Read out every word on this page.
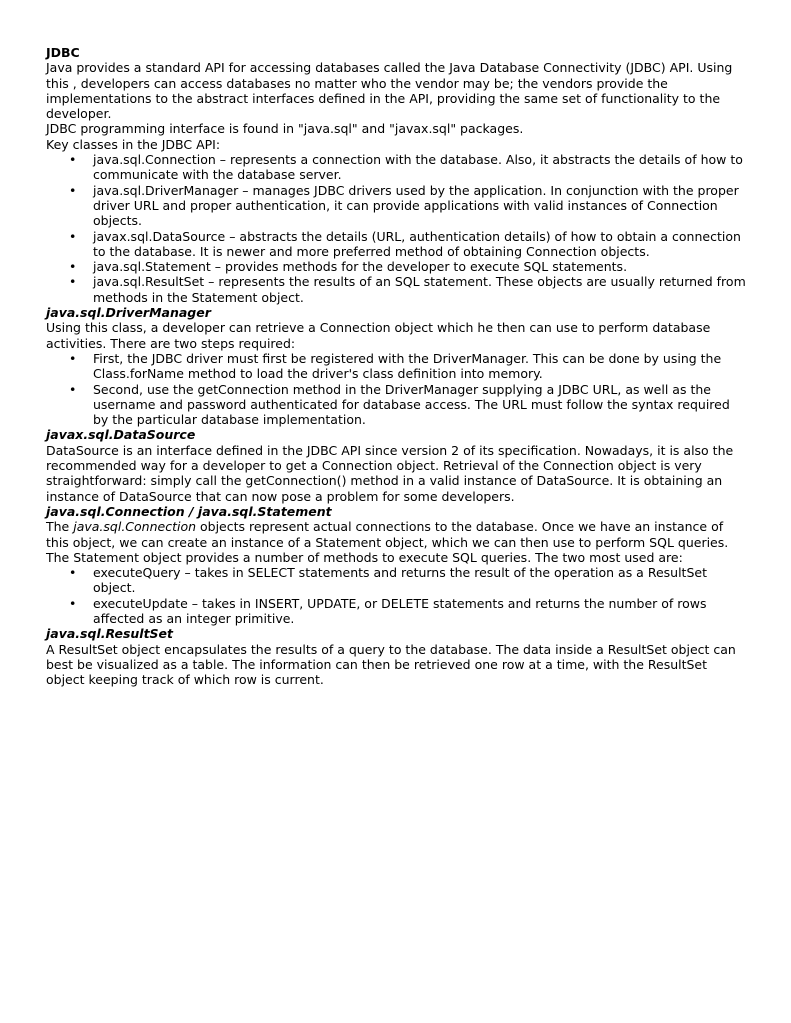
JDBC

Java provides a standard API for accessing databases called the Java Database Connectivity (JDBC) API. Using this , developers can access databases no matter who the vendor may be; the vendors provide the implementations to the abstract interfaces defined in the API, providing the same set of functionality to the developer.

JDBC programming interface is found in "java.sql" and "javax.sql" packages.

Key classes in the JDBC API:

• java.sql.Connection – represents a connection with the database. Also, it abstracts the details of how to communicate with the database server.
• java.sql.DriverManager – manages JDBC drivers used by the application. In conjunction with the proper driver URL and proper authentication, it can provide applications with valid instances of Connection objects.
• javax.sql.DataSource – abstracts the details (URL, authentication details) of how to obtain a connection to the database. It is newer and more preferred method of obtaining Connection objects.
• java.sql.Statement – provides methods for the developer to execute SQL statements.
• java.sql.ResultSet – represents the results of an SQL statement. These objects are usually returned from methods in the Statement object.
java.sql.DriverManager

Using this class, a developer can retrieve a Connection object which he then can use to perform database activities. There are two steps required:

• First, the JDBC driver must first be registered with the DriverManager. This can be done by using the Class.forName method to load the driver's class definition into memory.
• Second, use the getConnection method in the DriverManager supplying a JDBC URL, as well as the username and password authenticated for database access. The URL must follow the syntax required by the particular database implementation.
javax.sql.DataSource

DataSource is an interface defined in the JDBC API since version 2 of its specification. Nowadays, it is also the recommended way for a developer to get a Connection object. Retrieval of the Connection object is very straightforward: simply call the getConnection() method in a valid instance of DataSource. It is obtaining an instance of DataSource that can now pose a problem for some developers.

java.sql.Connection / java.sql.Statement

The java.sql.Connection objects represent actual connections to the database. Once we have an instance of this object, we can create an instance of a Statement object, which we can then use to perform SQL queries. The Statement object provides a number of methods to execute SQL queries. The two most used are:

• executeQuery – takes in SELECT statements and returns the result of the operation as a ResultSet object.
• executeUpdate – takes in INSERT, UPDATE, or DELETE statements and returns the number of rows affected as an integer primitive.
java.sql.ResultSet

A ResultSet object encapsulates the results of a query to the database. The data inside a ResultSet object can best be visualized as a table. The information can then be retrieved one row at a time, with the ResultSet object keeping track of which row is current.
